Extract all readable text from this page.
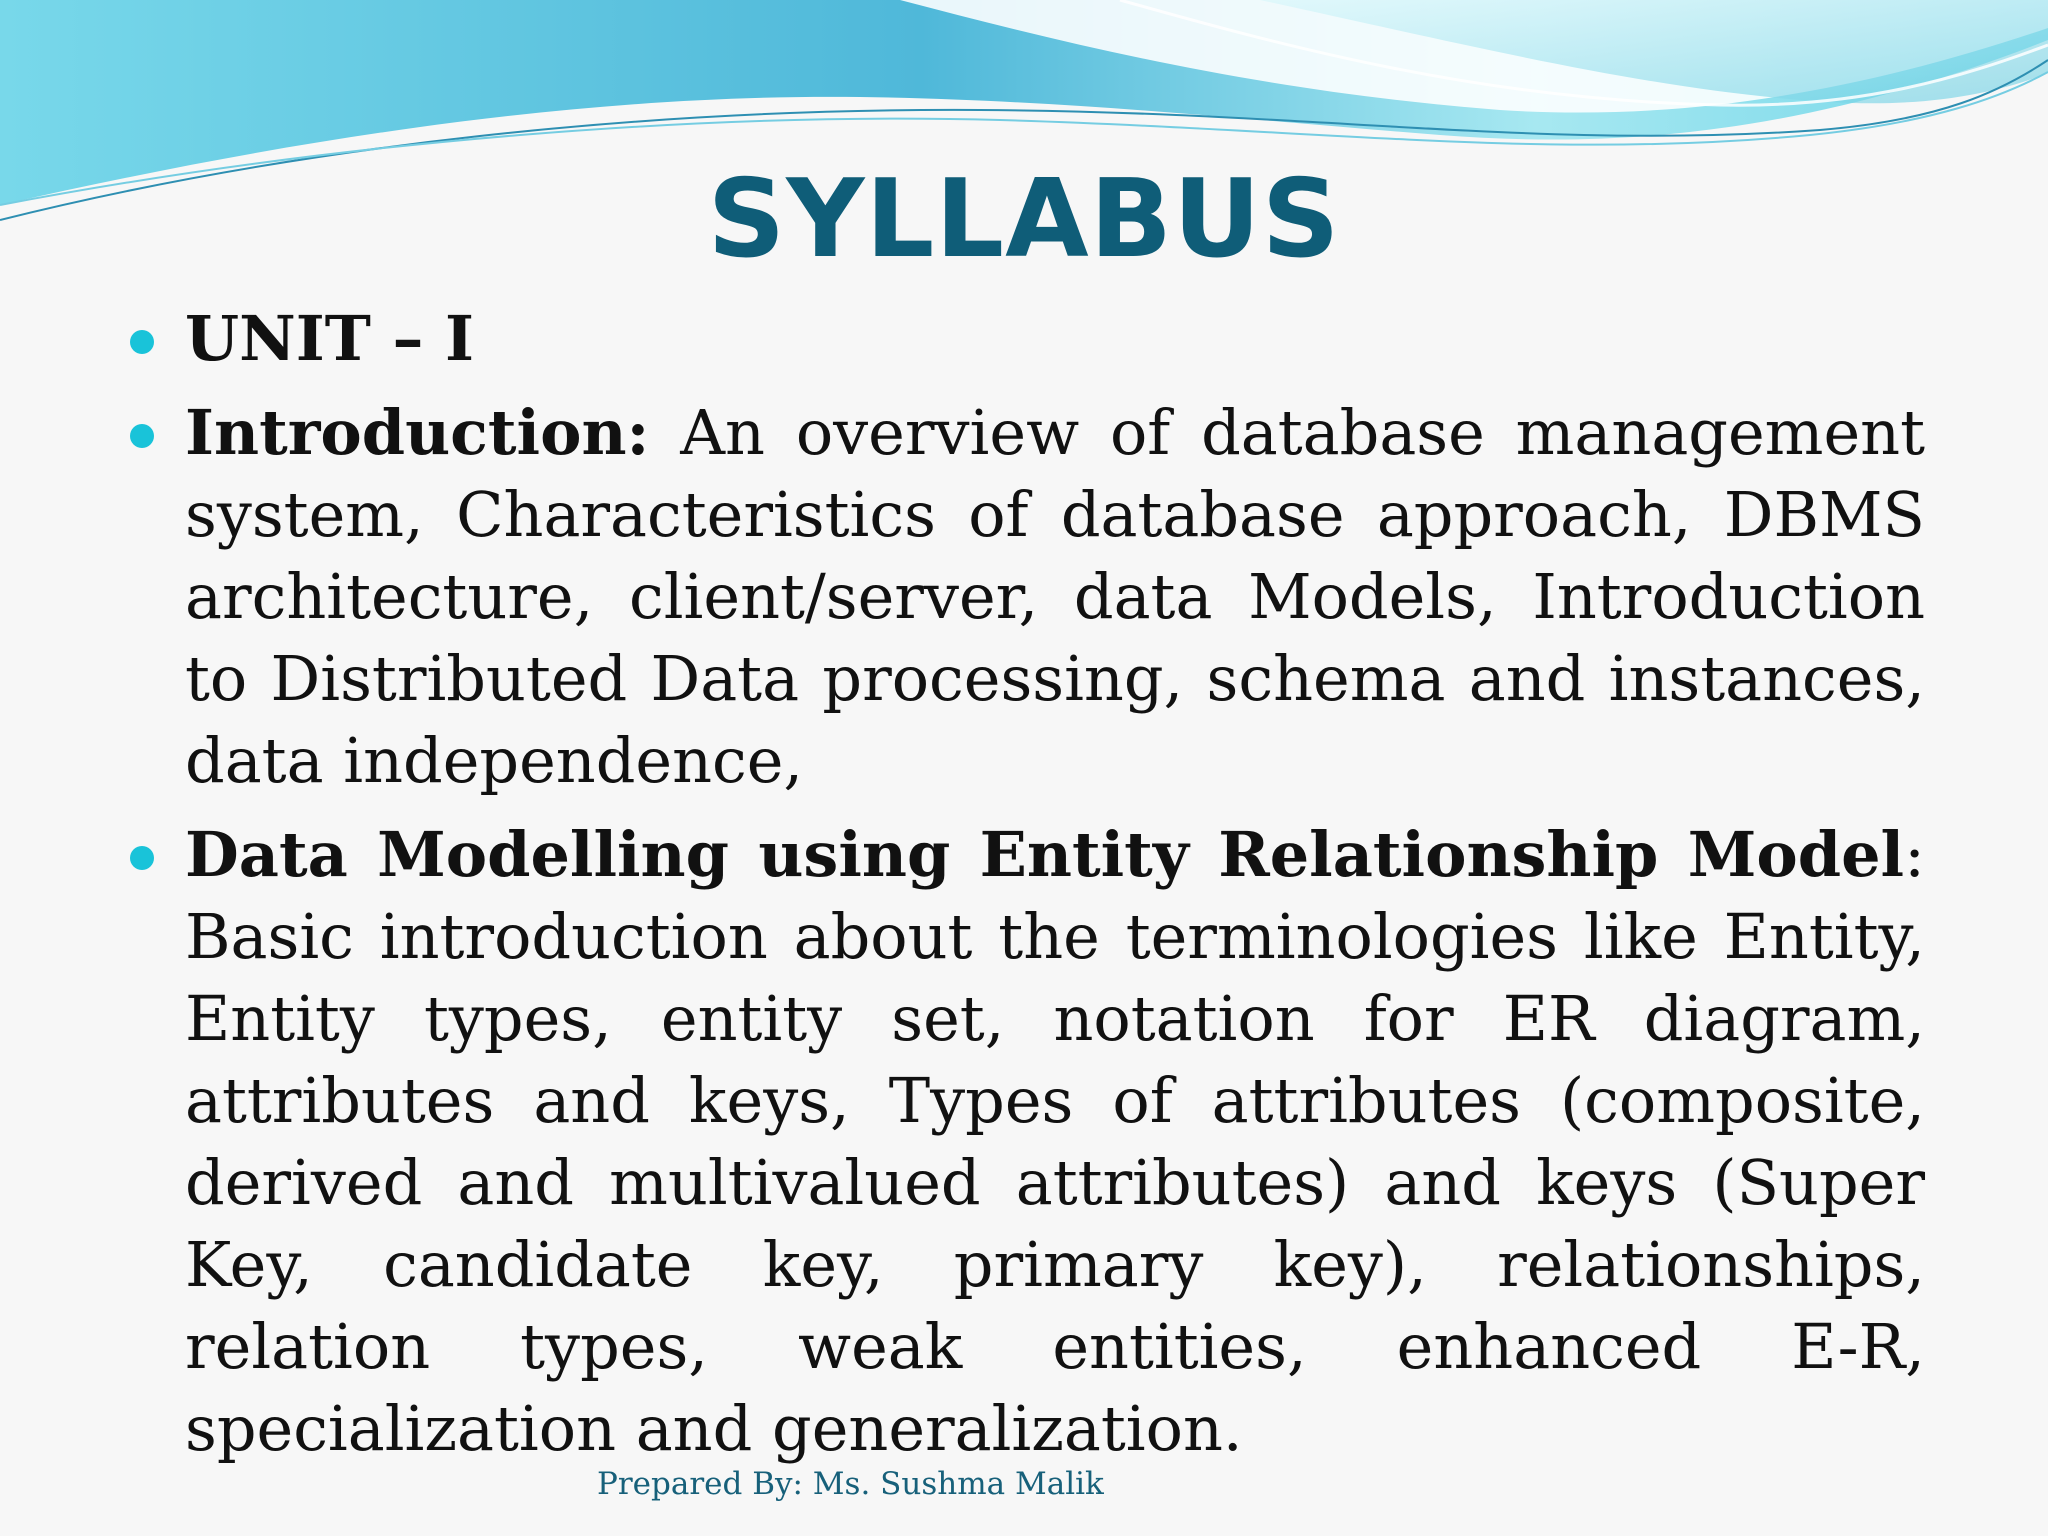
SYLLABUS
UNIT – I
Introduction: An overview of database management system, Characteristics of database approach, DBMS architecture, client/server, data Models, Introduction to Distributed Data processing, schema and instances, data independence,
Data Modelling using Entity Relationship Model: Basic introduction about the terminologies like Entity, Entity types, entity set, notation for ER diagram, attributes and keys, Types of attributes (composite, derived and multivalued attributes) and keys (Super Key, candidate key, primary key), relationships, relation types, weak entities, enhanced E-R, specialization and generalization.

Prepared By: Ms. Sushma Malik
